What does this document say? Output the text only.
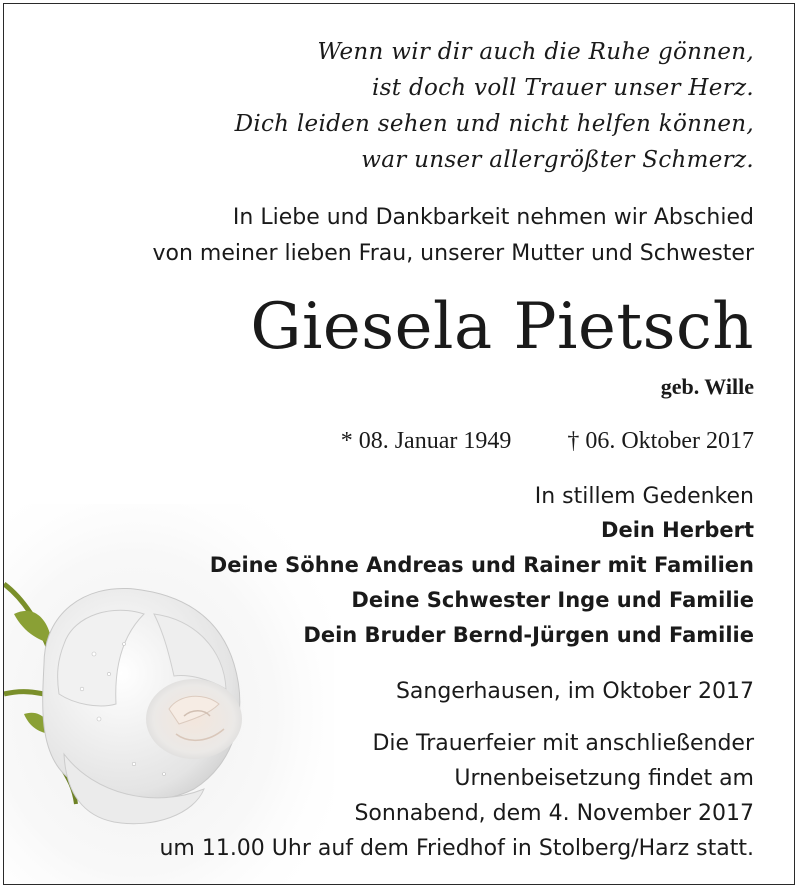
Wenn wir dir auch die Ruhe gönnen,
ist doch voll Trauer unser Herz.
Dich leiden sehen und nicht helfen können,
war unser allergrößter Schmerz.
In Liebe und Dankbarkeit nehmen wir Abschied
von meiner lieben Frau, unserer Mutter und Schwester
Giesela Pietsch
geb. Wille
* 08. Januar 1949 † 06. Oktober 2017
In stillem Gedenken
Dein Herbert
Deine Söhne Andreas und Rainer mit Familien
Deine Schwester Inge und Familie
Dein Bruder Bernd-Jürgen und Familie
Sangerhausen, im Oktober 2017
Die Trauerfeier mit anschließender
Urnenbeisetzung findet am
Sonnabend, dem 4. November 2017
um 11.00 Uhr auf dem Friedhof in Stolberg/Harz statt.
